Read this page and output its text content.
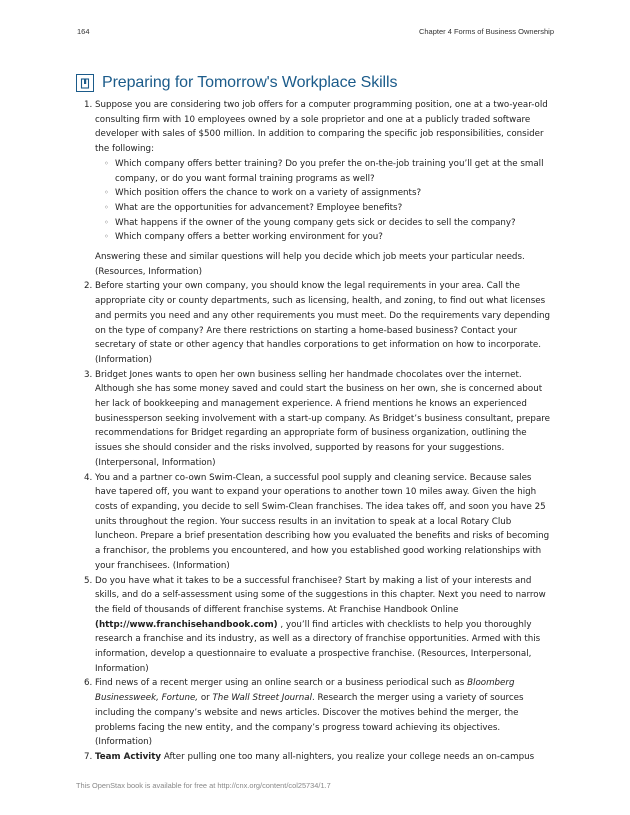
164	Chapter 4 Forms of Business Ownership
Preparing for Tomorrow's Workplace Skills
1. Suppose you are considering two job offers for a computer programming position, one at a two-year-old consulting firm with 10 employees owned by a sole proprietor and one at a publicly traded software developer with sales of $500 million. In addition to comparing the specific job responsibilities, consider the following:
◦ Which company offers better training? Do you prefer the on-the-job training you’ll get at the small company, or do you want formal training programs as well?
◦ Which position offers the chance to work on a variety of assignments?
◦ What are the opportunities for advancement? Employee benefits?
◦ What happens if the owner of the young company gets sick or decides to sell the company?
◦ Which company offers a better working environment for you?
Answering these and similar questions will help you decide which job meets your particular needs. (Resources, Information)
2. Before starting your own company, you should know the legal requirements in your area. Call the appropriate city or county departments, such as licensing, health, and zoning, to find out what licenses and permits you need and any other requirements you must meet. Do the requirements vary depending on the type of company? Are there restrictions on starting a home-based business? Contact your secretary of state or other agency that handles corporations to get information on how to incorporate. (Information)
3. Bridget Jones wants to open her own business selling her handmade chocolates over the internet. Although she has some money saved and could start the business on her own, she is concerned about her lack of bookkeeping and management experience. A friend mentions he knows an experienced businessperson seeking involvement with a start-up company. As Bridget’s business consultant, prepare recommendations for Bridget regarding an appropriate form of business organization, outlining the issues she should consider and the risks involved, supported by reasons for your suggestions. (Interpersonal, Information)
4. You and a partner co-own Swim-Clean, a successful pool supply and cleaning service. Because sales have tapered off, you want to expand your operations to another town 10 miles away. Given the high costs of expanding, you decide to sell Swim-Clean franchises. The idea takes off, and soon you have 25 units throughout the region. Your success results in an invitation to speak at a local Rotary Club luncheon. Prepare a brief presentation describing how you evaluated the benefits and risks of becoming a franchisor, the problems you encountered, and how you established good working relationships with your franchisees. (Information)
5. Do you have what it takes to be a successful franchisee? Start by making a list of your interests and skills, and do a self-assessment using some of the suggestions in this chapter. Next you need to narrow the field of thousands of different franchise systems. At Franchise Handbook Online (http://www.franchisehandbook.com) , you’ll find articles with checklists to help you thoroughly research a franchise and its industry, as well as a directory of franchise opportunities. Armed with this information, develop a questionnaire to evaluate a prospective franchise. (Resources, Interpersonal, Information)
6. Find news of a recent merger using an online search or a business periodical such as Bloomberg Businessweek, Fortune, or The Wall Street Journal. Research the merger using a variety of sources including the company’s website and news articles. Discover the motives behind the merger, the problems facing the new entity, and the company’s progress toward achieving its objectives. (Information)
7. Team Activity After pulling one too many all-nighters, you realize your college needs an on-campus
This OpenStax book is available for free at http://cnx.org/content/col25734/1.7
